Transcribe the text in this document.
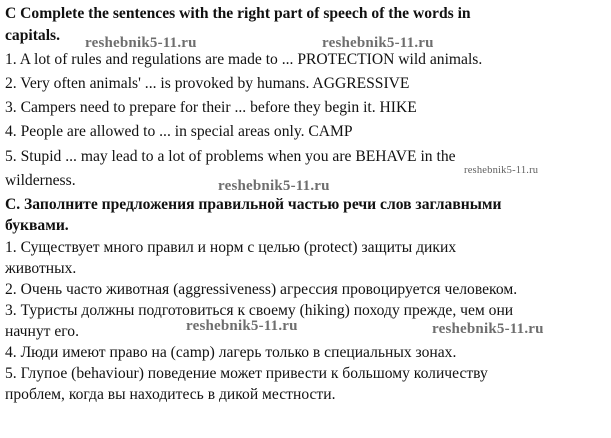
C Complete the sentences with the right part of speech of the words in
capitals.
1. A lot of rules and regulations are made to ... PROTECTION wild animals.
2. Very often animals' ... is provoked by humans. AGGRESSIVE
3. Campers need to prepare for their ... before they begin it. HIKE
4. People are allowed to ... in special areas only. CAMP
5. Stupid ... may lead to a lot of problems when you are BEHAVE in the
wilderness.
С. Заполните предложения правильной частью речи слов заглавными
буквами.
1. Существует много правил и норм с целью (protect) защиты диких
животных.
2. Очень часто животная (aggressiveness) агрессия провоцируется человеком.
3. Туристы должны подготовиться к своему (hiking) походу прежде, чем они
начнут его.
4. Люди имеют право на (camp) лагерь только в специальных зонах.
5. Глупое (behaviour) поведение может привести к большому количеству
проблем, когда вы находитесь в дикой местности.
reshebnik5-11.ru	reshebnik5-11.ru
reshebnik5-11.ru
reshebnik5-11.ru
reshebnik5-11.ru	reshebnik5-11.ru
